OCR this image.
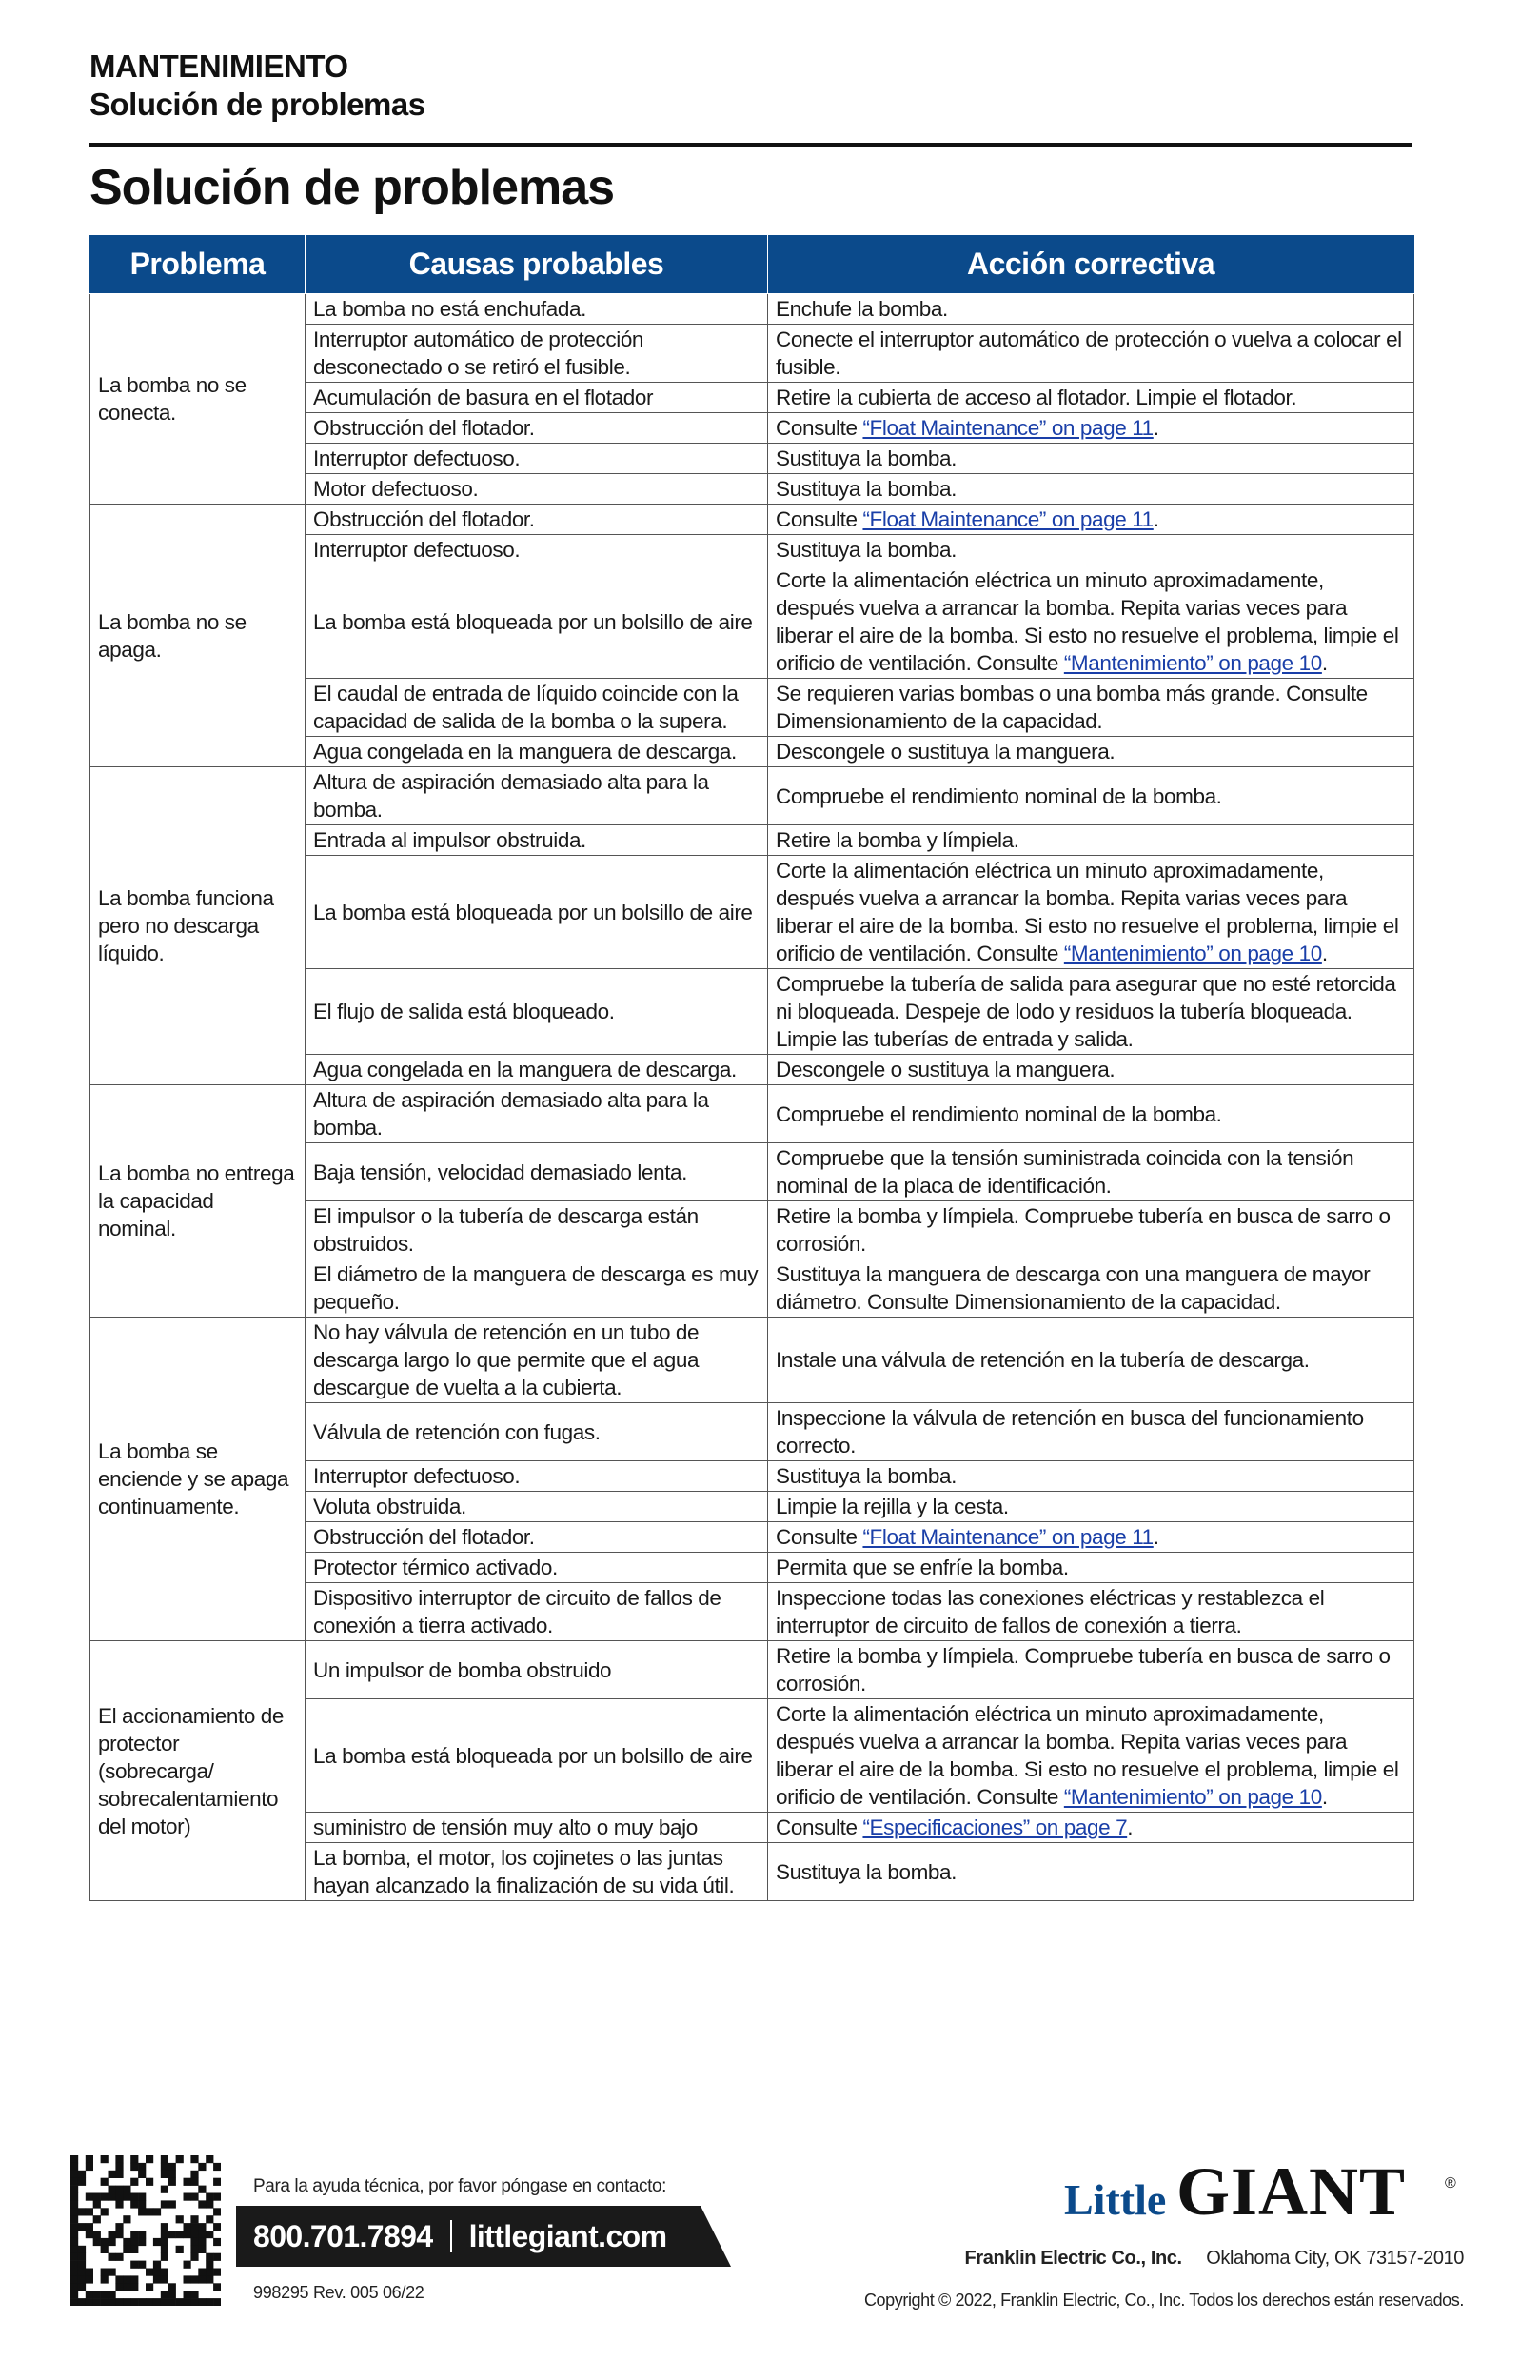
MANTENIMIENTO
Solución de problemas
Solución de problemas
Problema	Causas probables	Acción correctiva
La bomba no se conecta.	La bomba no está enchufada.	Enchufe la bomba.
	Interruptor automático de protección desconectado o se retiró el fusible.	Conecte el interruptor automático de protección o vuelva a colocar el fusible.
	Acumulación de basura en el flotador	Retire la cubierta de acceso al flotador. Limpie el flotador.
	Obstrucción del flotador.	Consulte “Float Maintenance” on page 11.
	Interruptor defectuoso.	Sustituya la bomba.
	Motor defectuoso.	Sustituya la bomba.
La bomba no se apaga.	Obstrucción del flotador.	Consulte “Float Maintenance” on page 11.
	Interruptor defectuoso.	Sustituya la bomba.
	La bomba está bloqueada por un bolsillo de aire	Corte la alimentación eléctrica un minuto aproximadamente, después vuelva a arrancar la bomba. Repita varias veces para liberar el aire de la bomba. Si esto no resuelve el problema, limpie el orificio de ventilación. Consulte “Mantenimiento” on page 10.
	El caudal de entrada de líquido coincide con la capacidad de salida de la bomba o la supera.	Se requieren varias bombas o una bomba más grande. Consulte Dimensionamiento de la capacidad.
	Agua congelada en la manguera de descarga.	Descongele o sustituya la manguera.
La bomba funciona pero no descarga líquido.	Altura de aspiración demasiado alta para la bomba.	Compruebe el rendimiento nominal de la bomba.
	Entrada al impulsor obstruida.	Retire la bomba y límpiela.
	La bomba está bloqueada por un bolsillo de aire	Corte la alimentación eléctrica un minuto aproximadamente, después vuelva a arrancar la bomba. Repita varias veces para liberar el aire de la bomba. Si esto no resuelve el problema, limpie el orificio de ventilación. Consulte “Mantenimiento” on page 10.
	El flujo de salida está bloqueado.	Compruebe la tubería de salida para asegurar que no esté retorcida ni bloqueada. Despeje de lodo y residuos la tubería bloqueada. Limpie las tuberías de entrada y salida.
	Agua congelada en la manguera de descarga.	Descongele o sustituya la manguera.
La bomba no entrega la capacidad nominal.	Altura de aspiración demasiado alta para la bomba.	Compruebe el rendimiento nominal de la bomba.
	Baja tensión, velocidad demasiado lenta.	Compruebe que la tensión suministrada coincida con la tensión nominal de la placa de identificación.
	El impulsor o la tubería de descarga están obstruidos.	Retire la bomba y límpiela. Compruebe tubería en busca de sarro o corrosión.
	El diámetro de la manguera de descarga es muy pequeño.	Sustituya la manguera de descarga con una manguera de mayor diámetro. Consulte Dimensionamiento de la capacidad.
La bomba se enciende y se apaga continuamente.	No hay válvula de retención en un tubo de descarga largo lo que permite que el agua descargue de vuelta a la cubierta.	Instale una válvula de retención en la tubería de descarga.
	Válvula de retención con fugas.	Inspeccione la válvula de retención en busca del funcionamiento correcto.
	Interruptor defectuoso.	Sustituya la bomba.
	Voluta obstruida.	Limpie la rejilla y la cesta.
	Obstrucción del flotador.	Consulte “Float Maintenance” on page 11.
	Protector térmico activado.	Permita que se enfríe la bomba.
	Dispositivo interruptor de circuito de fallos de conexión a tierra activado.	Inspeccione todas las conexiones eléctricas y restablezca el interruptor de circuito de fallos de conexión a tierra.
El accionamiento de protector (sobrecarga/ sobrecalentamiento del motor)	Un impulsor de bomba obstruido	Retire la bomba y límpiela. Compruebe tubería en busca de sarro o corrosión.
	La bomba está bloqueada por un bolsillo de aire	Corte la alimentación eléctrica un minuto aproximadamente, después vuelva a arrancar la bomba. Repita varias veces para liberar el aire de la bomba. Si esto no resuelve el problema, limpie el orificio de ventilación. Consulte “Mantenimiento” on page 10.
	suministro de tensión muy alto o muy bajo	Consulte “Especificaciones” on page 7.
	La bomba, el motor, los cojinetes o las juntas hayan alcanzado la finalización de su vida útil.	Sustituya la bomba.
Para la ayuda técnica, por favor póngase en contacto:
800.701.7894 littlegiant.com
998295 Rev. 005 06/22
Little GIANT	®
Franklin Electric Co., Inc. Oklahoma City, OK 73157-2010
Copyright © 2022, Franklin Electric, Co., Inc. Todos los derechos están reservados.
